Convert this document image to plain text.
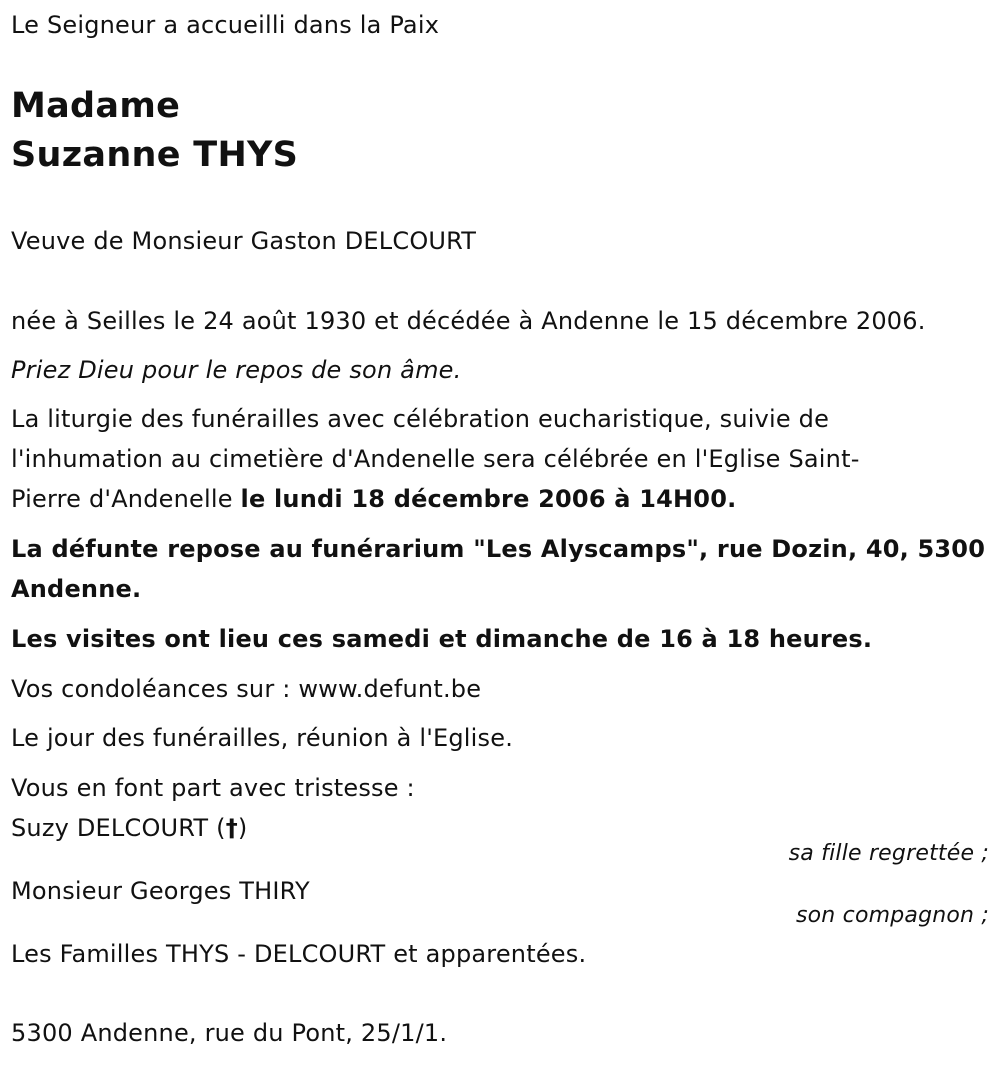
Le Seigneur a accueilli dans la Paix
Madame
Suzanne THYS
Veuve de Monsieur Gaston DELCOURT
née à Seilles le 24 août 1930 et décédée à Andenne le 15 décembre 2006.
Priez Dieu pour le repos de son âme.
La liturgie des funérailles avec célébration eucharistique, suivie de
l'inhumation au cimetière d'Andenelle sera célébrée en l'Eglise Saint-
Pierre d'Andenelle le lundi 18 décembre 2006 à 14H00.
La défunte repose au funérarium "Les Alyscamps", rue Dozin, 40, 5300
Andenne.
Les visites ont lieu ces samedi et dimanche de 16 à 18 heures.
Vos condoléances sur : www.defunt.be
Le jour des funérailles, réunion à l'Eglise.
Vous en font part avec tristesse :
Suzy DELCOURT (†)
sa fille regrettée ;
Monsieur Georges THIRY
son compagnon ;
Les Familles THYS - DELCOURT et apparentées.
5300 Andenne, rue du Pont, 25/1/1.
